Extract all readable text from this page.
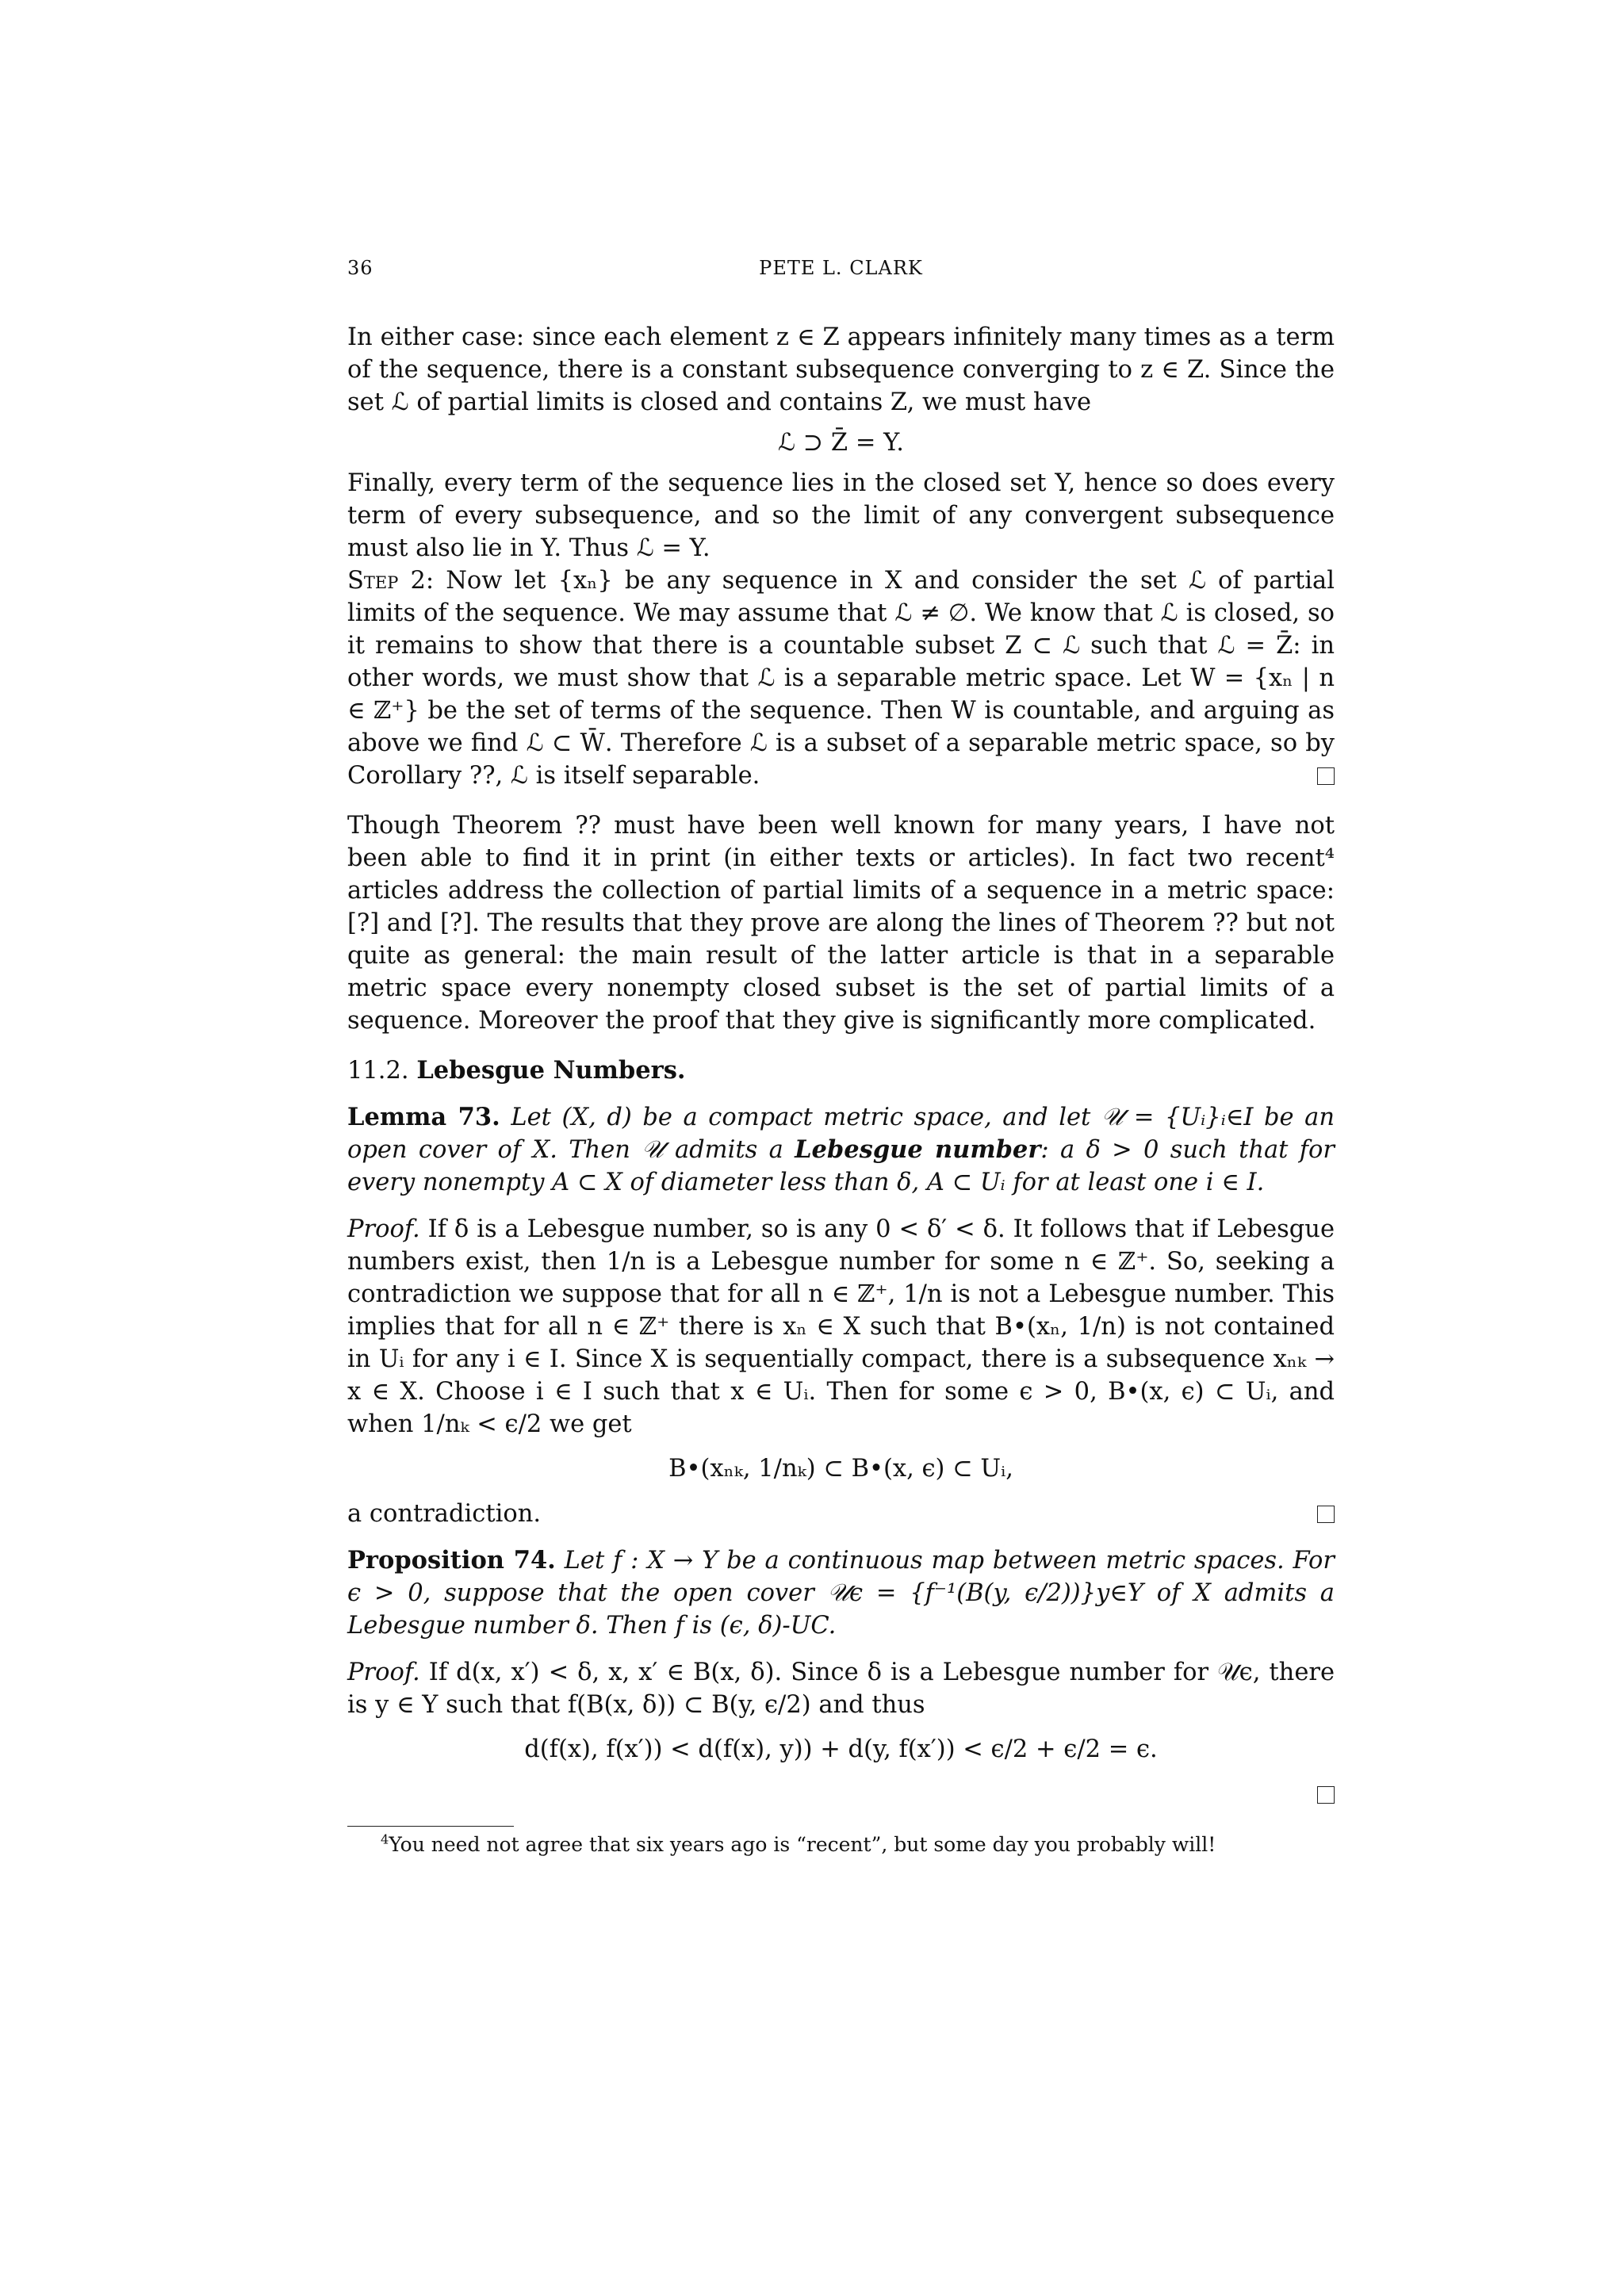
36	PETE L. CLARK

In either case: since each element z ∈ Z appears infinitely many times as a term of the sequence, there is a constant subsequence converging to z ∈ Z. Since the set ℒ of partial limits is closed and contains Z, we must have

ℒ ⊃ Z̄ = Y.

Finally, every term of the sequence lies in the closed set Y, hence so does every term of every subsequence, and so the limit of any convergent subsequence must also lie in Y. Thus ℒ = Y.

Step 2: Now let {xₙ} be any sequence in X and consider the set ℒ of partial limits of the sequence. We may assume that ℒ ≠ ∅. We know that ℒ is closed, so it remains to show that there is a countable subset Z ⊂ ℒ such that ℒ = Z̄: in other words, we must show that ℒ is a separable metric space. Let W = {xₙ | n ∈ ℤ⁺} be the set of terms of the sequence. Then W is countable, and arguing as above we find ℒ ⊂ W̄. Therefore ℒ is a subset of a separable metric space, so by Corollary ??, ℒ is itself separable.

Though Theorem ?? must have been well known for many years, I have not been able to find it in print (in either texts or articles). In fact two recent⁴ articles address the collection of partial limits of a sequence in a metric space: [?] and [?]. The results that they prove are along the lines of Theorem ?? but not quite as general: the main result of the latter article is that in a separable metric space every nonempty closed subset is the set of partial limits of a sequence. Moreover the proof that they give is significantly more complicated.

11.2. Lebesgue Numbers.

Lemma 73. Let (X, d) be a compact metric space, and let 𝒰 = {Uᵢ}ᵢ∈I be an open cover of X. Then 𝒰 admits a Lebesgue number: a δ > 0 such that for every nonempty A ⊂ X of diameter less than δ, A ⊂ Uᵢ for at least one i ∈ I.

Proof. If δ is a Lebesgue number, so is any 0 < δ′ < δ. It follows that if Lebesgue numbers exist, then 1/n is a Lebesgue number for some n ∈ ℤ⁺. So, seeking a contradiction we suppose that for all n ∈ ℤ⁺, 1/n is not a Lebesgue number. This implies that for all n ∈ ℤ⁺ there is xₙ ∈ X such that B•(xₙ, 1/n) is not contained in Uᵢ for any i ∈ I. Since X is sequentially compact, there is a subsequence xₙₖ → x ∈ X. Choose i ∈ I such that x ∈ Uᵢ. Then for some ϵ > 0, B•(x, ϵ) ⊂ Uᵢ, and when 1/nₖ < ϵ/2 we get

B•(xₙₖ, 1/nₖ) ⊂ B•(x, ϵ) ⊂ Uᵢ,

a contradiction.

Proposition 74. Let f : X → Y be a continuous map between metric spaces. For ϵ > 0, suppose that the open cover 𝒰ϵ = {f⁻¹(B(y, ϵ/2))}y∈Y of X admits a Lebesgue number δ. Then f is (ϵ, δ)-UC.

Proof. If d(x, x′) < δ, x, x′ ∈ B(x, δ). Since δ is a Lebesgue number for 𝒰ϵ, there is y ∈ Y such that f(B(x, δ)) ⊂ B(y, ϵ/2) and thus

d(f(x), f(x′)) < d(f(x), y)) + d(y, f(x′)) < ϵ/2 + ϵ/2 = ϵ.
$^4$You need not agree that six years ago is “recent”, but some day you probably will!
